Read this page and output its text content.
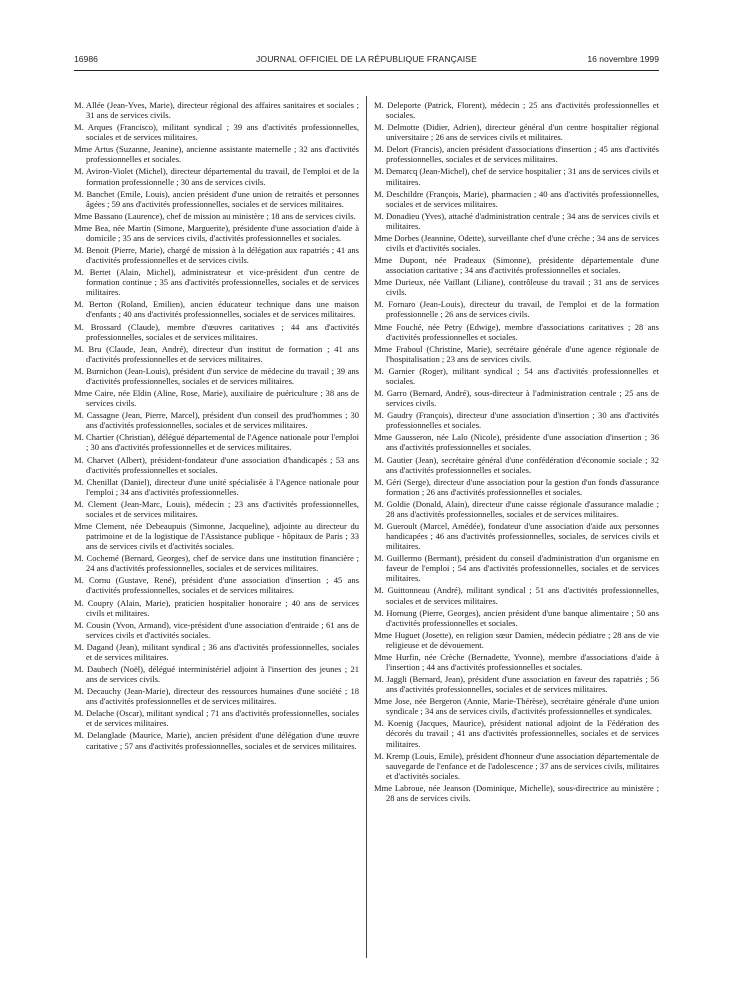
16986	JOURNAL OFFICIEL DE LA RÉPUBLIQUE FRANÇAISE	16 novembre 1999

M. Allée (Jean-Yves, Marie), directeur régional des affaires sanitaires et sociales ; 31 ans de services civils.

M. Arques (Francisco), militant syndical ; 39 ans d'activités professionnelles, sociales et de services militaires.

Mme Artus (Suzanne, Jeanine), ancienne assistante maternelle ; 32 ans d'activités professionnelles et sociales.

M. Aviron-Violet (Michel), directeur départemental du travail, de l'emploi et de la formation professionnelle ; 30 ans de services civils.

M. Banchet (Emile, Louis), ancien président d'une union de retraités et personnes âgées ; 59 ans d'activités professionnelles, sociales et de services militaires.

Mme Bassano (Laurence), chef de mission au ministère ; 18 ans de services civils.

Mme Bea, née Martin (Simone, Marguerite), présidente d'une association d'aide à domicile ; 35 ans de services civils, d'activités professionnelles et sociales.

M. Benoit (Pierre, Marie), chargé de mission à la délégation aux rapatriés ; 41 ans d'activités professionnelles et de services civils.

M. Bertet (Alain, Michel), administrateur et vice-président d'un centre de formation continue ; 35 ans d'activités professionnelles, sociales et de services militaires.

M. Berton (Roland, Emilien), ancien éducateur technique dans une maison d'enfants ; 40 ans d'activités professionnelles, sociales et de services militaires.

M. Brossard (Claude), membre d'œuvres caritatives ; 44 ans d'activités professionnelles, sociales et de services militaires.

M. Bru (Claude, Jean, André), directeur d'un institut de formation ; 41 ans d'activités professionnelles et de services militaires.

M. Burnichon (Jean-Louis), président d'un service de médecine du travail ; 39 ans d'activités professionnelles, sociales et de services militaires.

Mme Caire, née Eldin (Aline, Rose, Marie), auxiliaire de puériculture ; 38 ans de services civils.

M. Cassagne (Jean, Pierre, Marcel), président d'un conseil des prud'hommes ; 30 ans d'activités professionnelles, sociales et de services militaires.

M. Chartier (Christian), délégué départemental de l'Agence nationale pour l'emploi ; 30 ans d'activités professionnelles et de services militaires.

M. Charvet (Albert), président-fondateur d'une association d'handicapés ; 53 ans d'activités professionnelles et sociales.

M. Chenillat (Daniel), directeur d'une unité spécialisée à l'Agence nationale pour l'emploi ; 34 ans d'activités professionnelles.

M. Clement (Jean-Marc, Louis), médecin ; 23 ans d'activités professionnelles, sociales et de services militaires.

Mme Clement, née Debeaupuis (Simonne, Jacqueline), adjointe au directeur du patrimoine et de la logistique de l'Assistance publique - hôpitaux de Paris ; 33 ans de services civils et d'activités sociales.

M. Cochemé (Bernard, Georges), chef de service dans une institution financière ; 24 ans d'activités professionnelles, sociales et de services militaires.

M. Cornu (Gustave, René), président d'une association d'insertion ; 45 ans d'activités professionnelles, sociales et de services militaires.

M. Coupry (Alain, Marie), praticien hospitalier honoraire ; 40 ans de services civils et militaires.

M. Cousin (Yvon, Armand), vice-président d'une association d'entraide ; 61 ans de services civils et d'activités sociales.

M. Dagand (Jean), militant syndical ; 36 ans d'activités professionnelles, sociales et de services militaires.

M. Daubech (Noël), délégué interministériel adjoint à l'insertion des jeunes ; 21 ans de services civils.

M. Decauchy (Jean-Marie), directeur des ressources humaines d'une société ; 18 ans d'activités professionnelles et de services militaires.

M. Delache (Oscar), militant syndical ; 71 ans d'activités professionnelles, sociales et de services militaires.

M. Delanglade (Maurice, Marie), ancien président d'une délégation d'une œuvre caritative ; 57 ans d'activités professionnelles, sociales et de services militaires.

M. Deleporte (Patrick, Florent), médecin ; 25 ans d'activités professionnelles et sociales.

M. Delmotte (Didier, Adrien), directeur général d'un centre hospitalier régional universitaire ; 26 ans de services civils et militaires.

M. Delort (Francis), ancien président d'associations d'insertion ; 45 ans d'activités professionnelles, sociales et de services militaires.

M. Demarcq (Jean-Michel), chef de service hospitalier ; 31 ans de services civils et militaires.

M. Deschildre (François, Marie), pharmacien ; 40 ans d'activités professionnelles, sociales et de services militaires.

M. Donadieu (Yves), attaché d'administration centrale ; 34 ans de services civils et militaires.

Mme Dorbes (Jeannine, Odette), surveillante chef d'une crèche ; 34 ans de services civils et d'activités sociales.

Mme Dupont, née Pradeaux (Simonne), présidente départementale d'une association caritative ; 34 ans d'activités professionnelles et sociales.

Mme Durieux, née Vaillant (Liliane), contrôleuse du travail ; 31 ans de services civils.

M. Fornaro (Jean-Louis), directeur du travail, de l'emploi et de la formation professionnelle ; 26 ans de services civils.

Mme Fouché, née Petry (Edwige), membre d'associations caritatives ; 28 ans d'activités professionnelles et sociales.

Mme Fraboul (Christine, Marie), secrétaire générale d'une agence régionale de l'hospitalisation ; 23 ans de services civils.

M. Garnier (Roger), militant syndical ; 54 ans d'activités professionnelles et sociales.

M. Garro (Bernard, André), sous-directeur à l'administration centrale ; 25 ans de services civils.

M. Gaudry (François), directeur d'une association d'insertion ; 30 ans d'activités professionnelles et sociales.

Mme Gausseron, née Lalo (Nicole), présidente d'une association d'insertion ; 36 ans d'activités professionnelles et sociales.

M. Gautier (Jean), secrétaire général d'une confédération d'économie sociale ; 32 ans d'activités professionnelles et sociales.

M. Géri (Serge), directeur d'une association pour la gestion d'un fonds d'assurance formation ; 26 ans d'activités professionnelles et sociales.

M. Goldie (Donald, Alain), directeur d'une caisse régionale d'assurance maladie ; 28 ans d'activités professionnelles, sociales et de services militaires.

M. Gueroult (Marcel, Amédée), fondateur d'une association d'aide aux personnes handicapées ; 46 ans d'activités professionnelles, sociales, de services civils et militaires.

M. Guillermo (Bermant), président du conseil d'administration d'un organisme en faveur de l'emploi ; 54 ans d'activités professionnelles, sociales et de services militaires.

M. Guittonneau (André), militant syndical ; 51 ans d'activités professionnelles, sociales et de services militaires.

M. Hornung (Pierre, Georges), ancien président d'une banque alimentaire ; 50 ans d'activités professionnelles et sociales.

Mme Huguet (Josette), en religion sœur Damien, médecin pédiatre ; 28 ans de vie religieuse et de dévouement.

Mme Hurfin, née Crèche (Bernadette, Yvonne), membre d'associations d'aide à l'insertion ; 44 ans d'activités professionnelles et sociales.

M. Jaggli (Bernard, Jean), président d'une association en faveur des rapatriés ; 56 ans d'activités professionnelles, sociales et de services militaires.

Mme Jose, née Bergeron (Annie, Marie-Thérèse), secrétaire générale d'une union syndicale ; 34 ans de services civils, d'activités professionnelles et syndicales.

M. Koenig (Jacques, Maurice), président national adjoint de la Fédération des décorés du travail ; 41 ans d'activités professionnelles, sociales et de services militaires.

M. Kremp (Louis, Emile), président d'honneur d'une association départementale de sauvegarde de l'enfance et de l'adolescence ; 37 ans de services civils, militaires et d'activités sociales.

Mme Labroue, née Jeanson (Dominique, Michelle), sous-directrice au ministère ; 28 ans de services civils.
